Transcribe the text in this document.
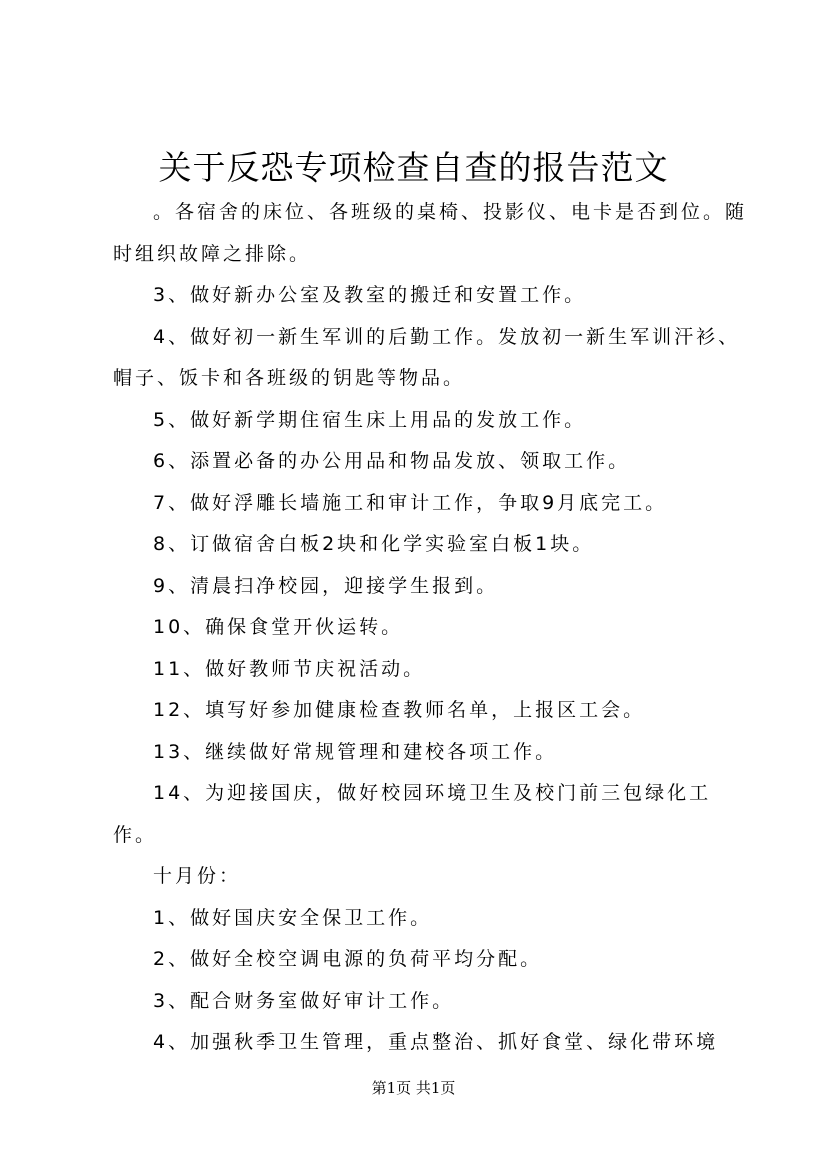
关于反恐专项检查自查的报告范文

。各宿舍的床位、各班级的桌椅、投影仪、电卡是否到位。随时组织故障之排除。

3、做好新办公室及教室的搬迁和安置工作。

4、做好初一新生军训的后勤工作。发放初一新生军训汗衫、帽子、饭卡和各班级的钥匙等物品。

5、做好新学期住宿生床上用品的发放工作。

6、添置必备的办公用品和物品发放、领取工作。

7、做好浮雕长墙施工和审计工作，争取9月底完工。

8、订做宿舍白板2块和化学实验室白板1块。

9、清晨扫净校园，迎接学生报到。

10、确保食堂开伙运转。

11、做好教师节庆祝活动。

12、填写好参加健康检查教师名单，上报区工会。

13、继续做好常规管理和建校各项工作。

14、为迎接国庆，做好校园环境卫生及校门前三包绿化工作。

十月份：

1、做好国庆安全保卫工作。

2、做好全校空调电源的负荷平均分配。

3、配合财务室做好审计工作。

4、加强秋季卫生管理，重点整治、抓好食堂、绿化带环境

第1页 共1页
